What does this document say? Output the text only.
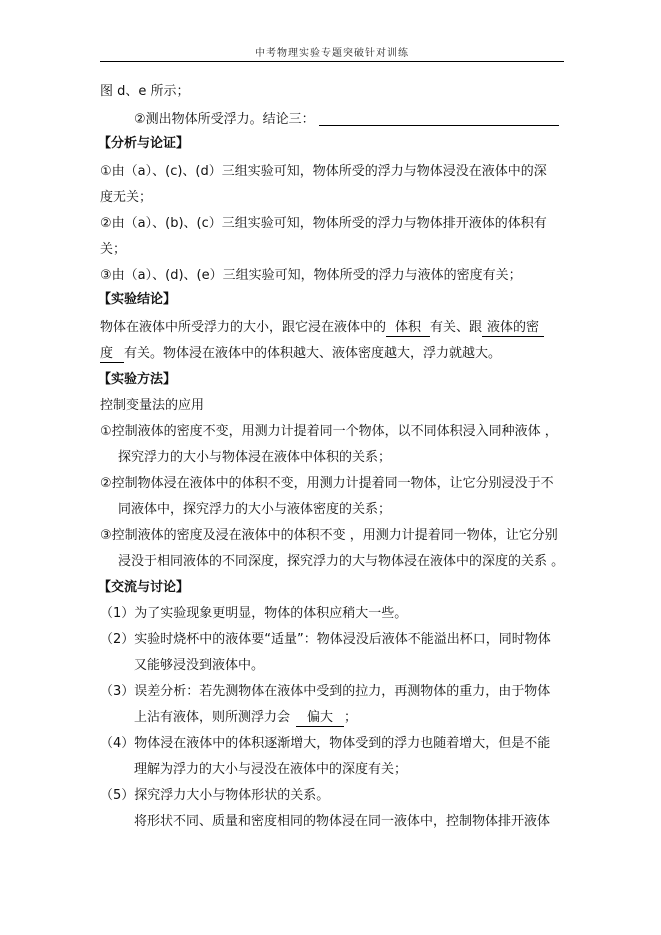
中考物理实验专题突破针对训练
图 d、e 所示；
②测出物体所受浮力。结论三：
【分析与论证】
①由（a）、(c)、(d）三组实验可知，物体所受的浮力与物体浸没在液体中的深
度无关；
②由（a）、(b)、(c）三组实验可知，物体所受的浮力与物体排开液体的体积有
关；
③由（a）、(d)、(e）三组实验可知，物体所受的浮力与液体的密度有关；
【实验结论】
物体在液体中所受浮力的大小，跟它浸在液体中的 体积 有关、跟 液体的密
度 有关。物体浸在液体中的体积越大、液体密度越大，浮力就越大。
【实验方法】
控制变量法的应用
①控制液体的密度不变，用测力计提着同一个物体，以不同体积浸入同种液体 ，
探究浮力的大小与物体浸在液体中体积的关系；
②控制物体浸在液体中的体积不变，用测力计提着同一物体，让它分别浸没于不
同液体中，探究浮力的大小与液体密度的关系；
③控制液体的密度及浸在液体中的体积不变 ，用测力计提着同一物体，让它分别
浸没于相同液体的不同深度，探究浮力的大与物体浸在液体中的深度的关系 。
【交流与讨论】
（1）为了实验现象更明显，物体的体积应稍大一些。
（2）实验时烧杯中的液体要“适量”：物体浸没后液体不能溢出杯口，同时物体
又能够浸没到液体中。
（3）误差分析：若先测物体在液体中受到的拉力，再测物体的重力，由于物体
上沾有液体，则所测浮力会 偏大 ；
（4）物体浸在液体中的体积逐渐增大，物体受到的浮力也随着增大，但是不能
理解为浮力的大小与浸没在液体中的深度有关；
（5）探究浮力大小与物体形状的关系。
将形状不同、质量和密度相同的物体浸在同一液体中，控制物体排开液体
